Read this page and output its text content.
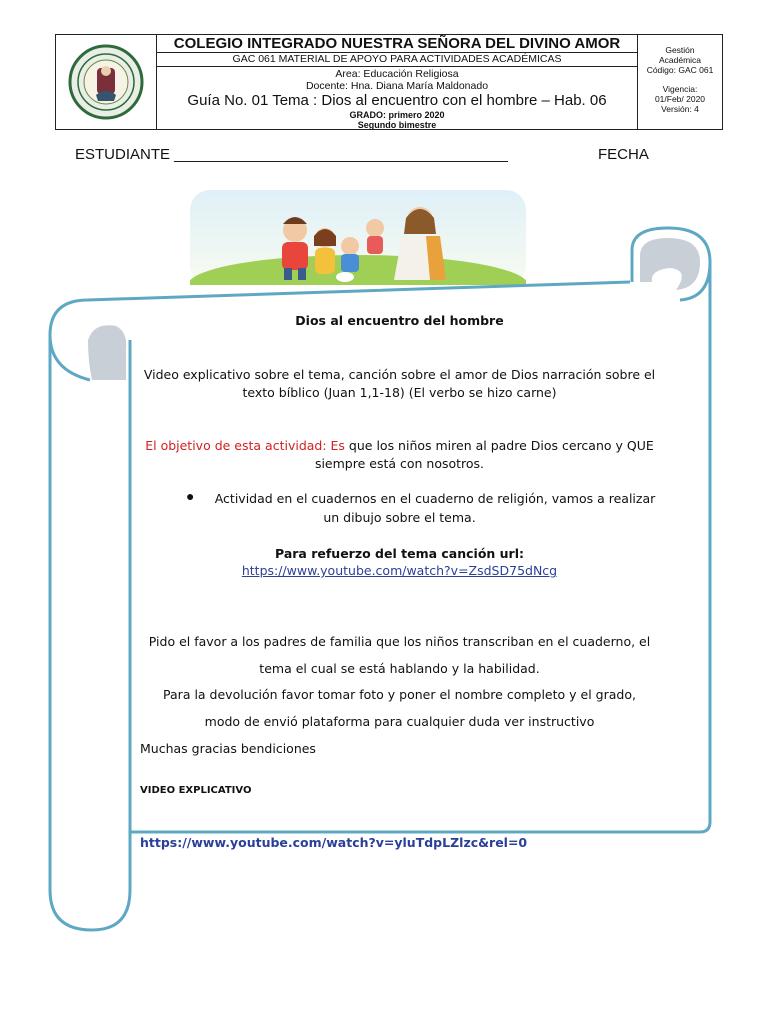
COLEGIO INTEGRADO NUESTRA SEÑORA DEL DIVINO AMOR
GAC 061 MATERIAL DE APOYO PARA ACTIVIDADES ACADÉMICAS
Area: Educación Religiosa
Docente: Hna. Diana María Maldonado
Guía No. 01 Tema : Dios al encuentro con el hombre – Hab. 06
GRADO: primero 2020
Segundo bimestre
Gestión
Académica
Código: GAC 061
Vigencia:
01/Feb/ 2020
Versión: 4
ESTUDIANTE ________________________________________	FECHA
Dios al encuentro del hombre
Video explicativo sobre el tema, canción sobre el amor de Dios narración sobre el
texto bíblico (Juan 1,1-18) (El verbo se hizo carne)
El objetivo de esta actividad: Es que los niños miren al padre Dios cercano y QUE
siempre está con nosotros.
●	Actividad en el cuadernos en el cuaderno de religión, vamos a realizar
un dibujo sobre el tema.
Para refuerzo del tema canción url:
https://www.youtube.com/watch?v=ZsdSD75dNcg
Pido el favor a los padres de familia que los niños transcriban en el cuaderno, el
tema el cual se está hablando y la habilidad.
Para la devolución favor tomar foto y poner el nombre completo y el grado,
modo de envió plataforma para cualquier duda ver instructivo
Muchas gracias bendiciones
VIDEO EXPLICATIVO
https://www.youtube.com/watch?v=yluTdpLZlzc&rel=0
